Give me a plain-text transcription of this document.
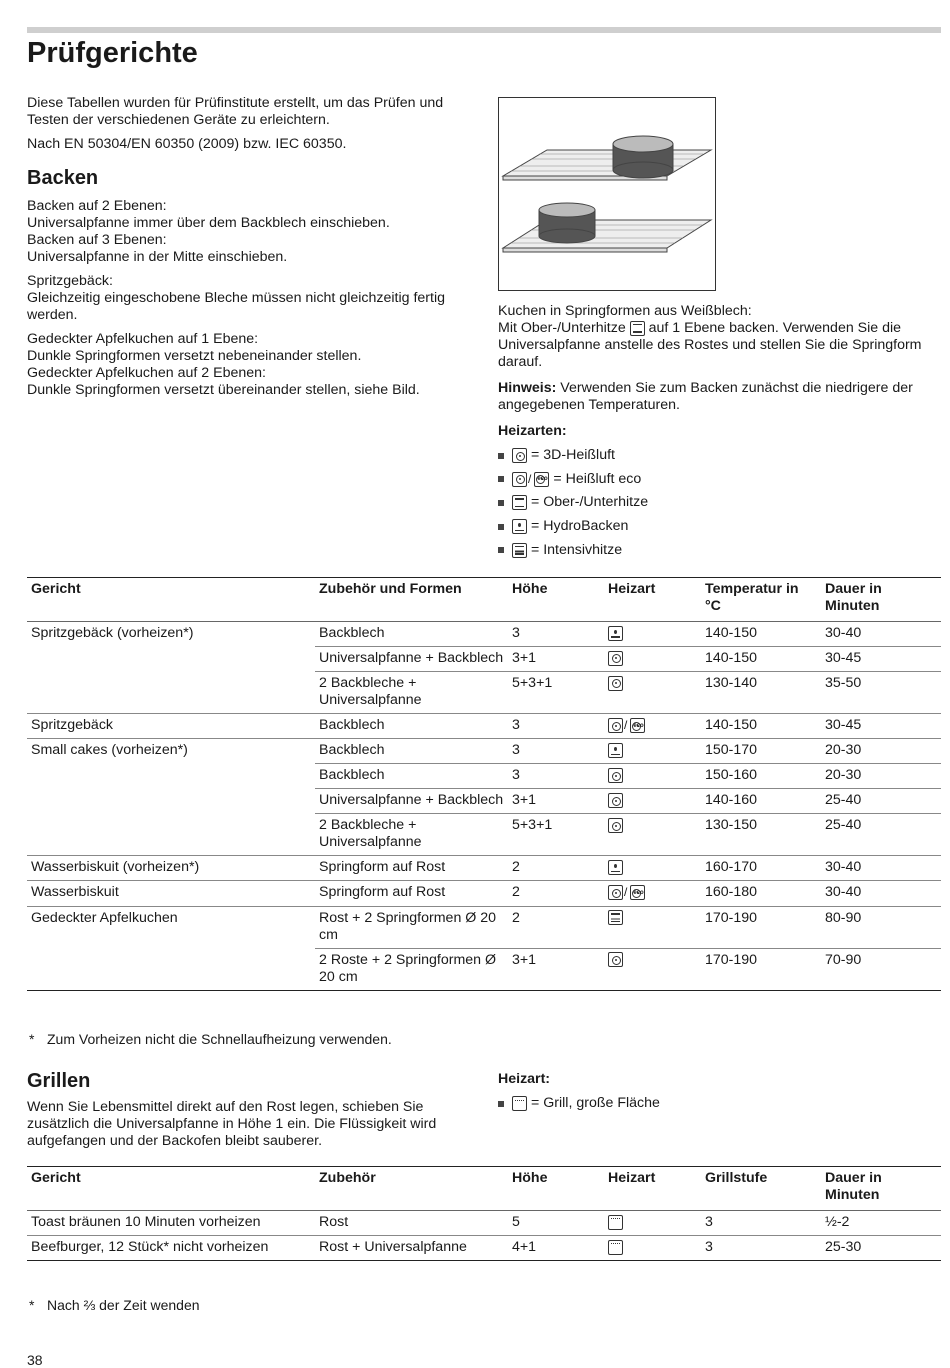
Prüfgerichte

Diese Tabellen wurden für Prüfinstitute erstellt, um das Prüfen und Testen der verschiedenen Geräte zu erleichtern.

Nach EN 50304/EN 60350 (2009) bzw. IEC 60350.

Backen
Backen auf 2 Ebenen:
Universalpfanne immer über dem Backblech einschieben.
Backen auf 3 Ebenen:
Universalpfanne in der Mitte einschieben.
Spritzgebäck:
Gleichzeitig eingeschobene Bleche müssen nicht gleichzeitig fertig werden.
Gedeckter Apfelkuchen auf 1 Ebene:
Dunkle Springformen versetzt nebeneinander stellen.
Gedeckter Apfelkuchen auf 2 Ebenen:
Dunkle Springformen versetzt übereinander stellen, siehe Bild.

Kuchen in Springformen aus Weißblech:
Mit Ober-/Unterhitze auf 1 Ebene backen. Verwenden Sie die Universalpfanne anstelle des Rostes und stellen Sie die Springform darauf.

Hinweis: Verwenden Sie zum Backen zunächst die niedrigere der angegebenen Temperaturen.

Heizarten:
= 3D-Heißluft
/ eco = Heißluft eco
= Ober-/Unterhitze
= HydroBacken
= Intensivhitze
Gericht	Zubehör und Formen	Höhe	Heizart	Temperatur in °C	Dauer in Minuten
Spritzgebäck (vorheizen*)	Backblech	3		140-150	30-40
	Universalpfanne + Backblech	3+1		140-150	30-45
	2 Backbleche + Universalpfanne	5+3+1		130-140	35-50
Spritzgebäck	Backblech	3	/eco	140-150	30-45
Small cakes (vorheizen*)	Backblech	3		150-170	20-30
	Backblech	3		150-160	20-30
	Universalpfanne + Backblech	3+1		140-160	25-40
	2 Backbleche + Universalpfanne	5+3+1		130-150	25-40
Wasserbiskuit (vorheizen*)	Springform auf Rost	2		160-170	30-40
Wasserbiskuit	Springform auf Rost	2	/eco	160-180	30-40
Gedeckter Apfelkuchen	Rost + 2 Springformen Ø 20 cm	2		170-190	80-90
	2 Roste + 2 Springformen Ø 20 cm	3+1		170-190	70-90
* Zum Vorheizen nicht die Schnellaufheizung verwenden.
Grillen

Wenn Sie Lebensmittel direkt auf den Rost legen, schieben Sie zusätzlich die Universalpfanne in Höhe 1 ein. Die Flüssigkeit wird aufgefangen und der Backofen bleibt sauberer.

Heizart:
= Grill, große Fläche
Gericht	Zubehör	Höhe	Heizart	Grillstufe	Dauer in Minuten
Toast bräunen 10 Minuten vorheizen	Rost	5		3	½-2
Beefburger, 12 Stück* nicht vorheizen	Rost + Universalpfanne	4+1		3	25-30
* Nach ⅔ der Zeit wenden
38
